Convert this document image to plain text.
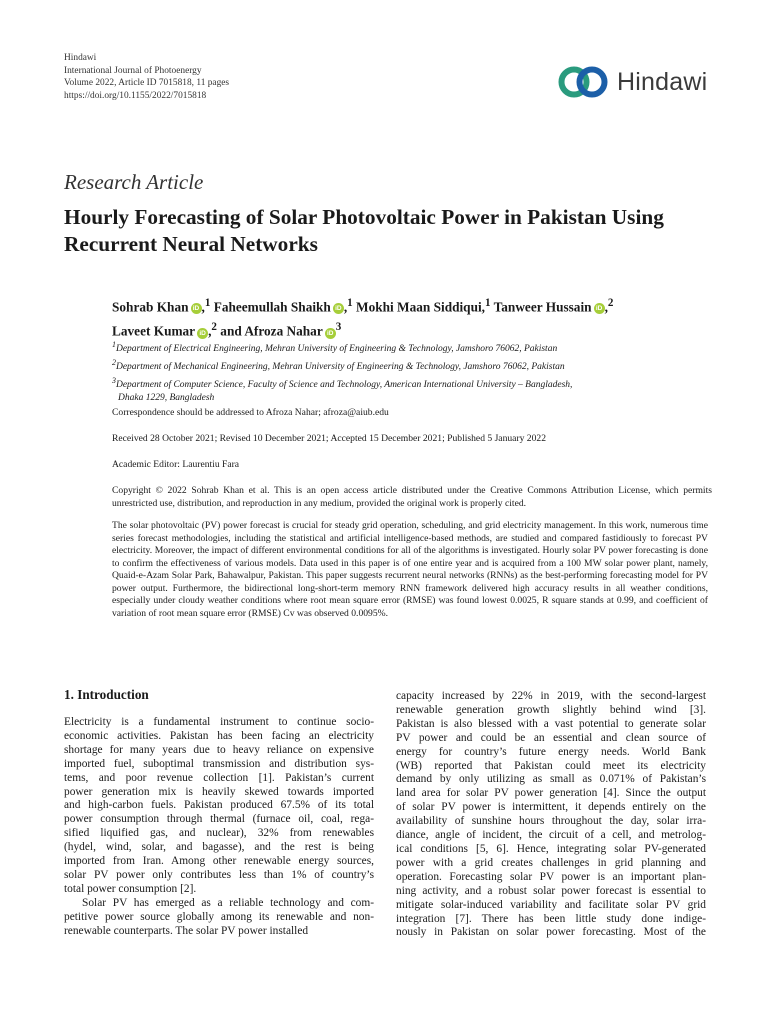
Hindawi
International Journal of Photoenergy
Volume 2022, Article ID 7015818, 11 pages
https://doi.org/10.1155/2022/7015818
Hindawi
Research Article
Hourly Forecasting of Solar Photovoltaic Power in Pakistan Using Recurrent Neural Networks
Sohrab Khan iD ,$^1$ Faheemullah Shaikh iD ,$^1$ Mokhi Maan Siddiqui,$^1$ Tanweer Hussain iD ,$^2$
Laveet Kumar iD ,$^2$ and Afroza Nahar iD $^3$
$^1$Department of Electrical Engineering, Mehran University of Engineering & Technology, Jamshoro 76062, Pakistan
$^2$Department of Mechanical Engineering, Mehran University of Engineering & Technology, Jamshoro 76062, Pakistan
$^3$Department of Computer Science, Faculty of Science and Technology, American International University – Bangladesh,
Dhaka 1229, Bangladesh
Correspondence should be addressed to Afroza Nahar; afroza@aiub.edu
Received 28 October 2021; Revised 10 December 2021; Accepted 15 December 2021; Published 5 January 2022
Academic Editor: Laurentiu Fara
Copyright © 2022 Sohrab Khan et al. This is an open access article distributed under the Creative Commons Attribution License, which permits unrestricted use, distribution, and reproduction in any medium, provided the original work is properly cited.
The solar photovoltaic (PV) power forecast is crucial for steady grid operation, scheduling, and grid electricity management. In this work, numerous time series forecast methodologies, including the statistical and artificial intelligence-based methods, are studied and compared fastidiously to forecast PV electricity. Moreover, the impact of different environmental conditions for all of the algorithms is investigated. Hourly solar PV power forecasting is done to confirm the effectiveness of various models. Data used in this paper is of one entire year and is acquired from a 100 MW solar power plant, namely, Quaid-e-Azam Solar Park, Bahawalpur, Pakistan. This paper suggests recurrent neural networks (RNNs) as the best-performing forecasting model for PV power output. Furthermore, the bidirectional long-short-term memory RNN framework delivered high accuracy results in all weather conditions, especially under cloudy weather conditions where root mean square error (RMSE) was found lowest 0.0025, R square stands at 0.99, and coefficient of variation of root mean square error (RMSE) Cv was observed 0.0095%.
1. Introduction
Electricity is a fundamental instrument to continue socio-
economic activities. Pakistan has been facing an electricity
shortage for many years due to heavy reliance on expensive
imported fuel, suboptimal transmission and distribution sys-
tems, and poor revenue collection [1]. Pakistan’s current
power generation mix is heavily skewed towards imported
and high-carbon fuels. Pakistan produced 67.5% of its total
power consumption through thermal (furnace oil, coal, rega-
sified liquified gas, and nuclear), 32% from renewables
(hydel, wind, solar, and bagasse), and the rest is being
imported from Iran. Among other renewable energy sources,
solar PV power only contributes less than 1% of country’s
total power consumption [2].
Solar PV has emerged as a reliable technology and com-
petitive power source globally among its renewable and non-
renewable counterparts. The solar PV power installed
capacity increased by 22% in 2019, with the second-largest
renewable generation growth slightly behind wind [3].
Pakistan is also blessed with a vast potential to generate solar
PV power and could be an essential and clean source of
energy for country’s future energy needs. World Bank
(WB) reported that Pakistan could meet its electricity
demand by only utilizing as small as 0.071% of Pakistan’s
land area for solar PV power generation [4]. Since the output
of solar PV power is intermittent, it depends entirely on the
availability of sunshine hours throughout the day, solar irra-
diance, angle of incident, the circuit of a cell, and metrolog-
ical conditions [5, 6]. Hence, integrating solar PV-generated
power with a grid creates challenges in grid planning and
operation. Forecasting solar PV power is an important plan-
ning activity, and a robust solar power forecast is essential to
mitigate solar-induced variability and facilitate solar PV grid
integration [7]. There has been little study done indige-
nously in Pakistan on solar power forecasting. Most of the
